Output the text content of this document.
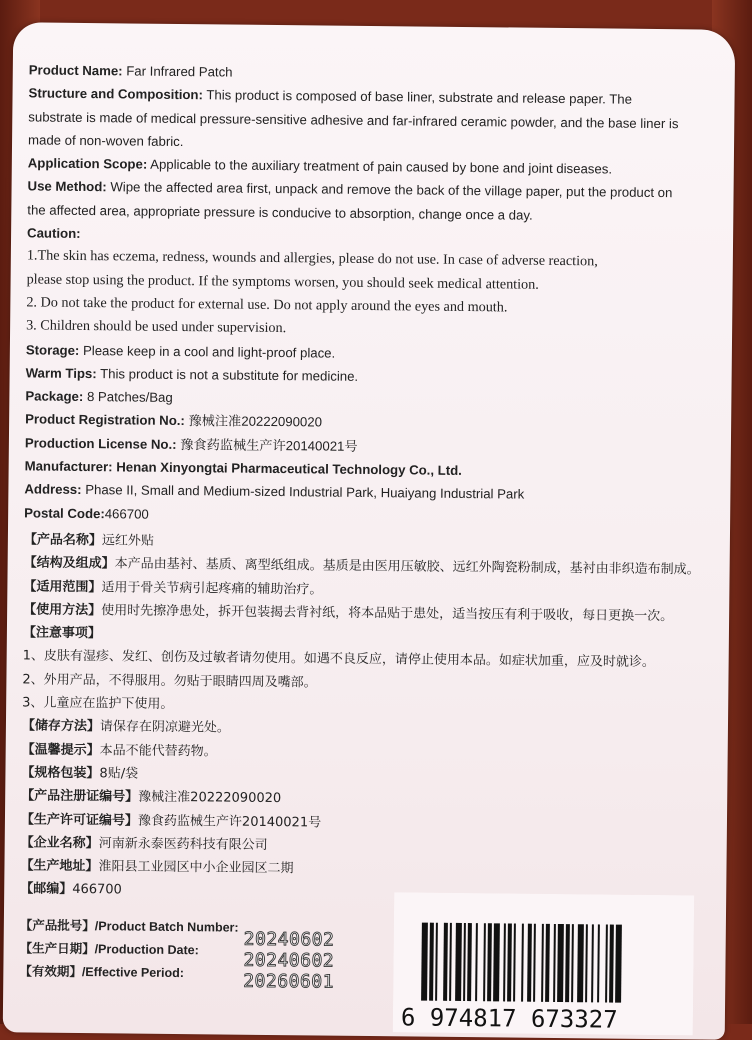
Product Name: Far Infrared Patch

Structure and Composition: This product is composed of base liner, substrate and release paper. The

substrate is made of medical pressure-sensitive adhesive and far-infrared ceramic powder, and the base liner is

made of non-woven fabric.

Application Scope: Applicable to the auxiliary treatment of pain caused by bone and joint diseases.

Use Method: Wipe the affected area first, unpack and remove the back of the village paper, put the product on

the affected area, appropriate pressure is conducive to absorption, change once a day.

Caution:

1.The skin has eczema, redness, wounds and allergies, please do not use. In case of adverse reaction,

please stop using the product. If the symptoms worsen, you should seek medical attention.

2. Do not take the product for external use. Do not apply around the eyes and mouth.

3. Children should be used under supervision.

Storage: Please keep in a cool and light-proof place.

Warm Tips: This product is not a substitute for medicine.

Package: 8 Patches/Bag

Product Registration No.: 豫械注准20222090020

Production License No.: 豫食药监械生产许20140021号

Manufacturer: Henan Xinyongtai Pharmaceutical Technology Co., Ltd.

Address: Phase II, Small and Medium-sized Industrial Park, Huaiyang Industrial Park

Postal Code:466700

【产品名称】远红外贴

【结构及组成】本产品由基衬、基质、离型纸组成。基质是由医用压敏胶、远红外陶瓷粉制成，基衬由非织造布制成。

【适用范围】适用于骨关节病引起疼痛的辅助治疗。

【使用方法】使用时先擦净患处，拆开包装揭去背衬纸，将本品贴于患处，适当按压有利于吸收，每日更换一次。

【注意事项】

1、皮肤有湿疹、发红、创伤及过敏者请勿使用。如遇不良反应，请停止使用本品。如症状加重，应及时就诊。

2、外用产品，不得服用。勿贴于眼睛四周及嘴部。

3、儿童应在监护下使用。

【储存方法】请保存在阴凉避光处。

【温馨提示】本品不能代替药物。

【规格包装】8贴/袋

【产品注册证编号】豫械注准20222090020

【生产许可证编号】豫食药监械生产许20140021号

【企业名称】河南新永泰医药科技有限公司

【生产地址】淮阳县工业园区中小企业园区二期

【邮编】466700

【产品批号】/Product Batch Number:
【生产日期】/Production Date:
【有效期】/Effective Period:
20240602
20240602
20260601
6 974817 673327
